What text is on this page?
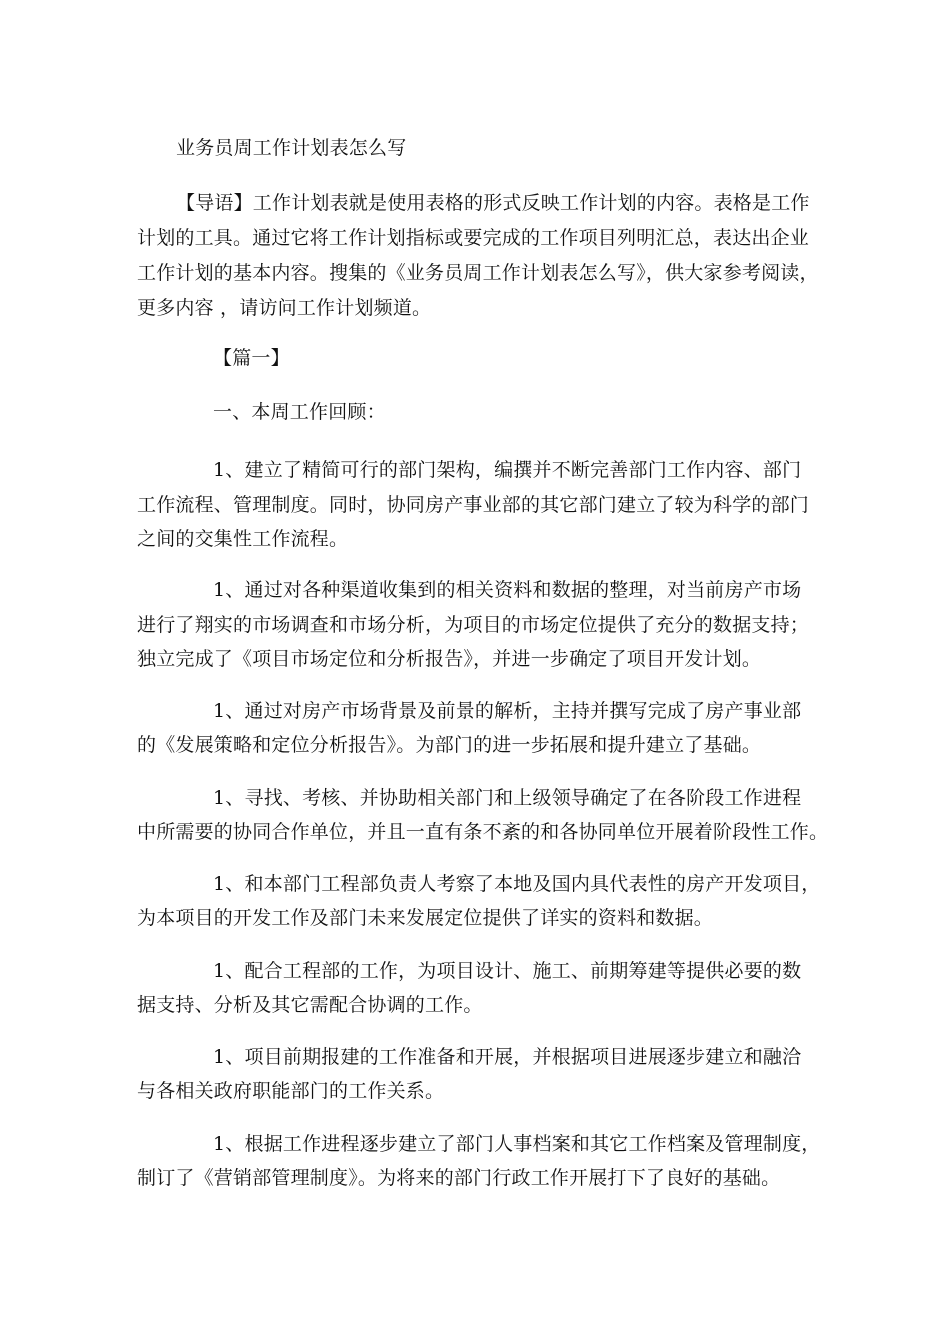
业务员周工作计划表怎么写
【导语】工作计划表就是使用表格的形式反映工作计划的内容。表格是工作
计划的工具。通过它将工作计划指标或要完成的工作项目列明汇总，表达出企业
工作计划的基本内容。搜集的《业务员周工作计划表怎么写》，供大家参考阅读，
更多内容 ，请访问工作计划频道。
【篇一】
一、本周工作回顾：
1、建立了精简可行的部门架构，编撰并不断完善部门工作内容、部门
工作流程、管理制度。同时，协同房产事业部的其它部门建立了较为科学的部门
之间的交集性工作流程。
1、通过对各种渠道收集到的相关资料和数据的整理，对当前房产市场
进行了翔实的市场调查和市场分析，为项目的市场定位提供了充分的数据支持；
独立完成了《项目市场定位和分析报告》，并进一步确定了项目开发计划。
1、通过对房产市场背景及前景的解析，主持并撰写完成了房产事业部
的《发展策略和定位分析报告》。为部门的进一步拓展和提升建立了基础。
1、寻找、考核、并协助相关部门和上级领导确定了在各阶段工作进程
中所需要的协同合作单位，并且一直有条不紊的和各协同单位开展着阶段性工作。
1、和本部门工程部负责人考察了本地及国内具代表性的房产开发项目，
为本项目的开发工作及部门未来发展定位提供了详实的资料和数据。
1、配合工程部的工作，为项目设计、施工、前期筹建等提供必要的数
据支持、分析及其它需配合协调的工作。
1、项目前期报建的工作准备和开展，并根据项目进展逐步建立和融洽
与各相关政府职能部门的工作关系。
1、根据工作进程逐步建立了部门人事档案和其它工作档案及管理制度，
制订了《营销部管理制度》。为将来的部门行政工作开展打下了良好的基础。
